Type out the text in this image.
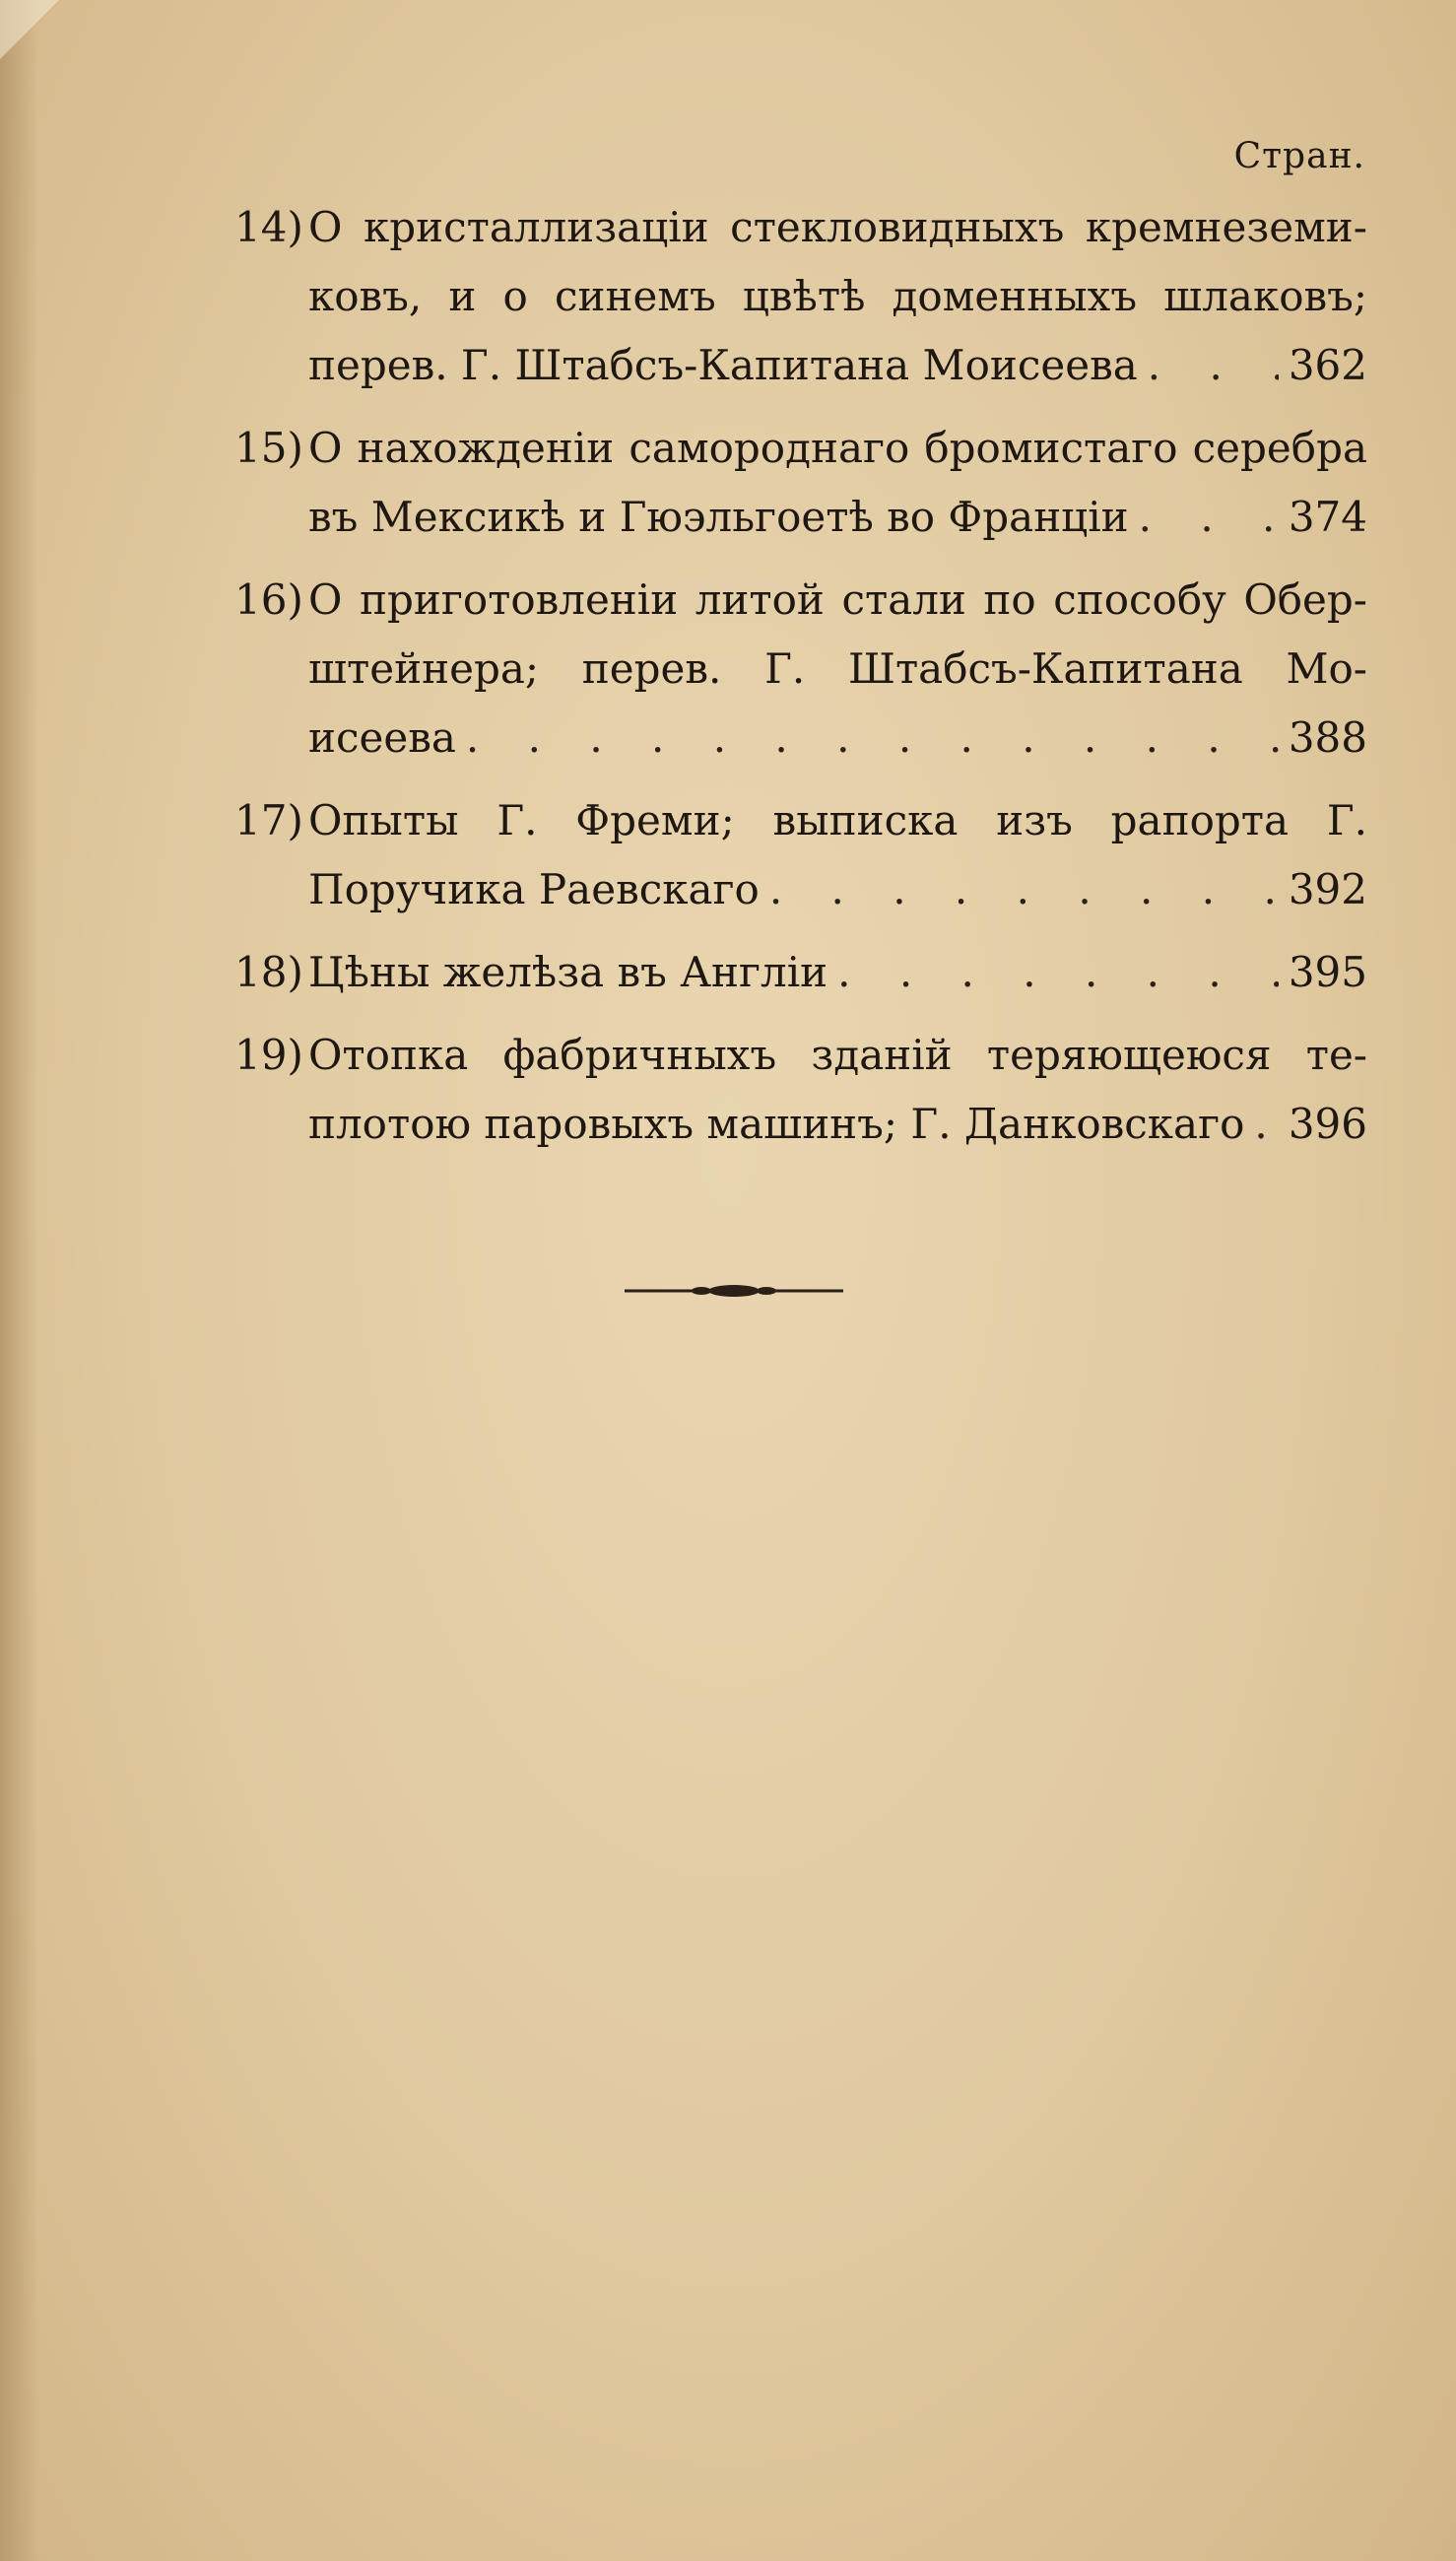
Стран.
14) О кристаллизаціи стекловидныхъ кремнеземи-
ковъ, и о синемъ цвѣтѣ доменныхъ шлаковъ;
перев. Г. Штабсъ-Капитана Моисеева . . .	362
15) О нахожденіи самороднаго бромистаго серебра
въ Мексикѣ и Гюэльгоетѣ во Франціи . . .	374
16) О приготовленіи литой стали по способу Обер-
штейнера; перев. Г. Штабсъ-Капитана Мо-
исеева . . .	388
17) Опыты Г. Фреми; выписка изъ рапорта Г.
Поручика Раевскаго . . .	392
18) Цѣны желѣза въ Англіи . . .	395
19) Отопка фабричныхъ зданій теряющеюся те-
плотою паровыхъ машинъ; Г. Данковскаго . . . 396
